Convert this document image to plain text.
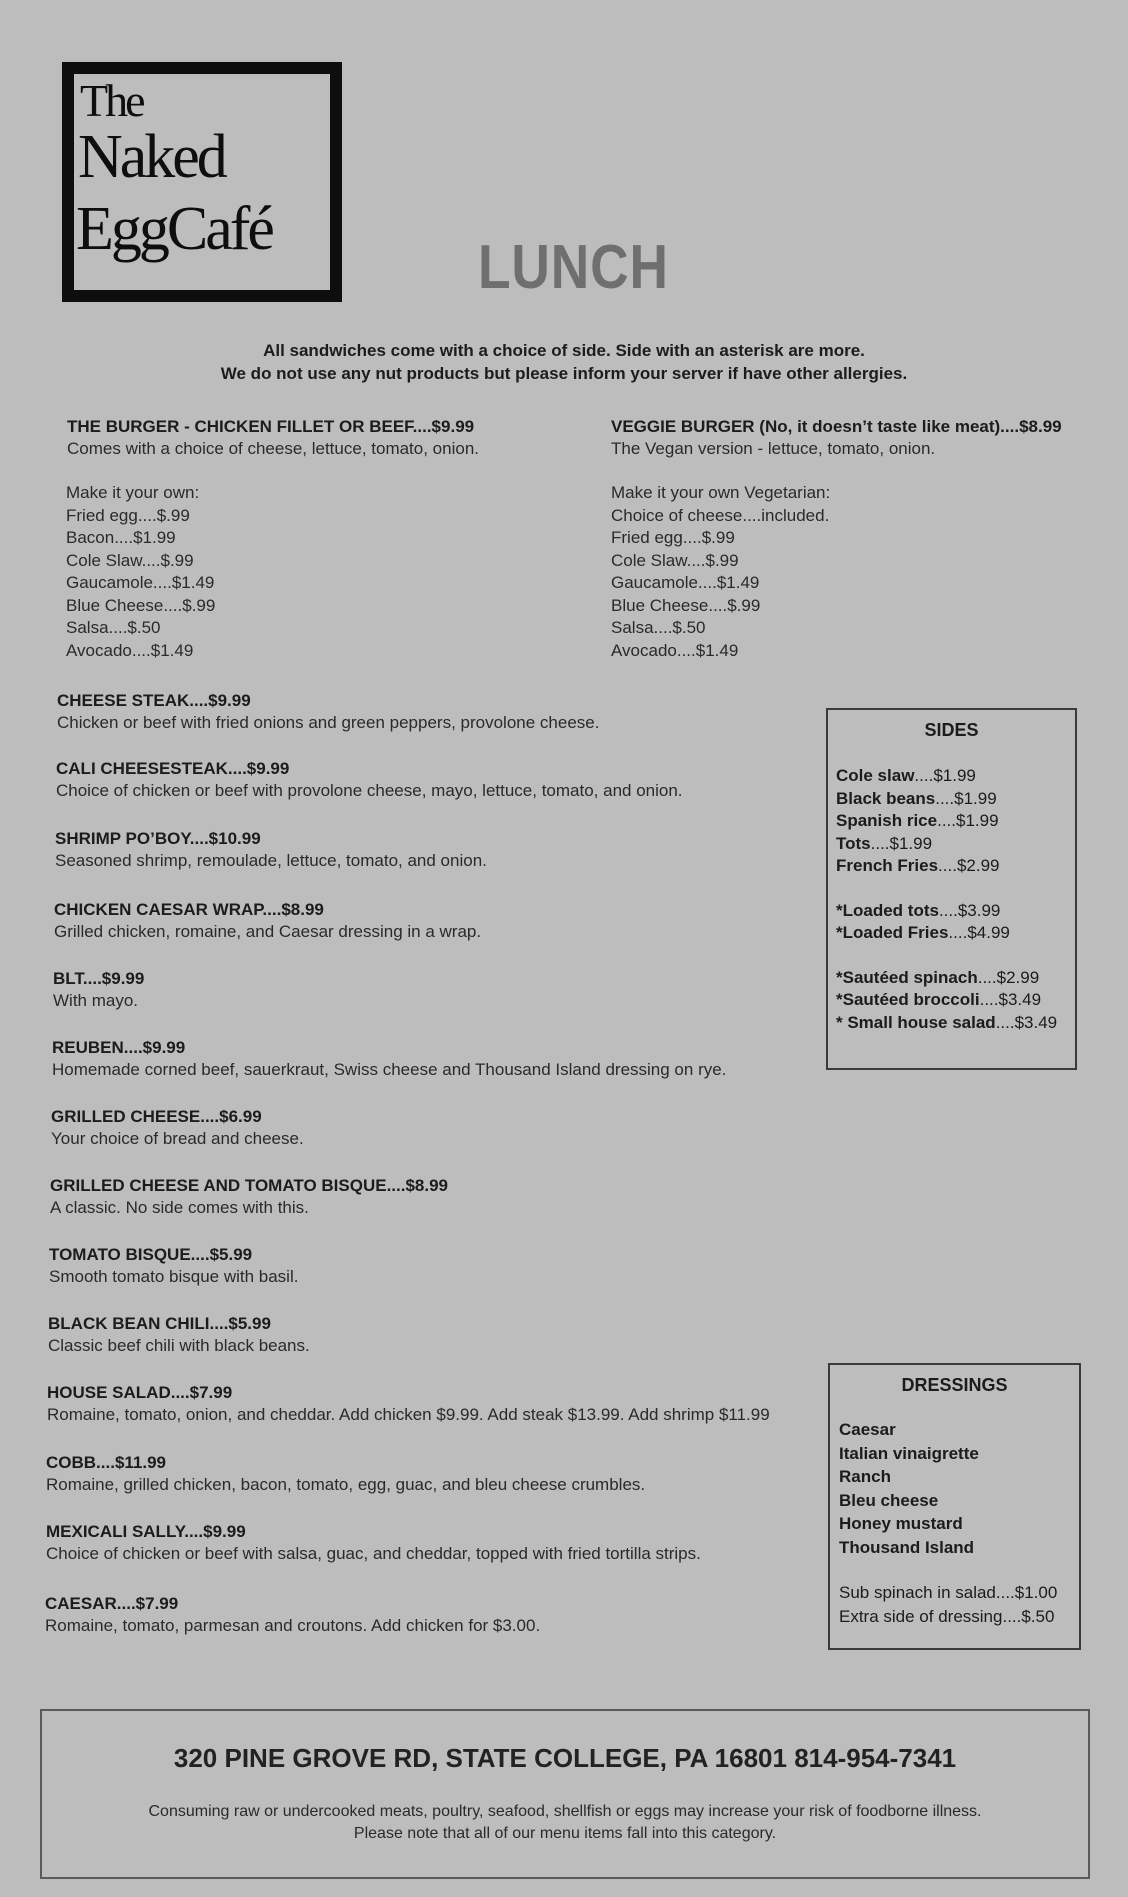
The
Naked
EggCafé
LUNCH
All sandwiches come with a choice of side. Side with an asterisk are more.
We do not use any nut products but please inform your server if have other allergies.
THE BURGER - CHICKEN FILLET OR BEEF....$9.99
Comes with a choice of cheese, lettuce, tomato, onion.
Make it your own:
Fried egg....$.99
Bacon....$1.99
Cole Slaw....$.99
Gaucamole....$1.49
Blue Cheese....$.99
Salsa....$.50
Avocado....$1.49
VEGGIE BURGER (No, it doesn’t taste like meat)....$8.99
The Vegan version - lettuce, tomato, onion.
Make it your own Vegetarian:
Choice of cheese....included.
Fried egg....$.99
Cole Slaw....$.99
Gaucamole....$1.49
Blue Cheese....$.99
Salsa....$.50
Avocado....$1.49
CHEESE STEAK....$9.99
Chicken or beef with fried onions and green peppers, provolone cheese.
CALI CHEESESTEAK....$9.99
Choice of chicken or beef with provolone cheese, mayo, lettuce, tomato, and onion.
SHRIMP PO’BOY....$10.99
Seasoned shrimp, remoulade, lettuce, tomato, and onion.
CHICKEN CAESAR WRAP....$8.99
Grilled chicken, romaine, and Caesar dressing in a wrap.
BLT....$9.99
With mayo.
REUBEN....$9.99
Homemade corned beef, sauerkraut, Swiss cheese and Thousand Island dressing on rye.
GRILLED CHEESE....$6.99
Your choice of bread and cheese.
GRILLED CHEESE AND TOMATO BISQUE....$8.99
A classic. No side comes with this.
TOMATO BISQUE....$5.99
Smooth tomato bisque with basil.
BLACK BEAN CHILI....$5.99
Classic beef chili with black beans.
HOUSE SALAD....$7.99
Romaine, tomato, onion, and cheddar. Add chicken $9.99. Add steak $13.99. Add shrimp $11.99
COBB....$11.99
Romaine, grilled chicken, bacon, tomato, egg, guac, and bleu cheese crumbles.
MEXICALI SALLY....$9.99
Choice of chicken or beef with salsa, guac, and cheddar, topped with fried tortilla strips.
CAESAR....$7.99
Romaine, tomato, parmesan and croutons. Add chicken for $3.00.
SIDES
Cole slaw....$1.99
Black beans....$1.99
Spanish rice....$1.99
Tots....$1.99
French Fries....$2.99
*Loaded tots....$3.99
*Loaded Fries....$4.99
*Sautéed spinach....$2.99
*Sautéed broccoli....$3.49
* Small house salad....$3.49
DRESSINGS
Caesar
Italian vinaigrette
Ranch
Bleu cheese
Honey mustard
Thousand Island
Sub spinach in salad....$1.00
Extra side of dressing....$.50
320 PINE GROVE RD, STATE COLLEGE, PA 16801 814-954-7341
Consuming raw or undercooked meats, poultry, seafood, shellfish or eggs may increase your risk of foodborne illness.
Please note that all of our menu items fall into this category.
